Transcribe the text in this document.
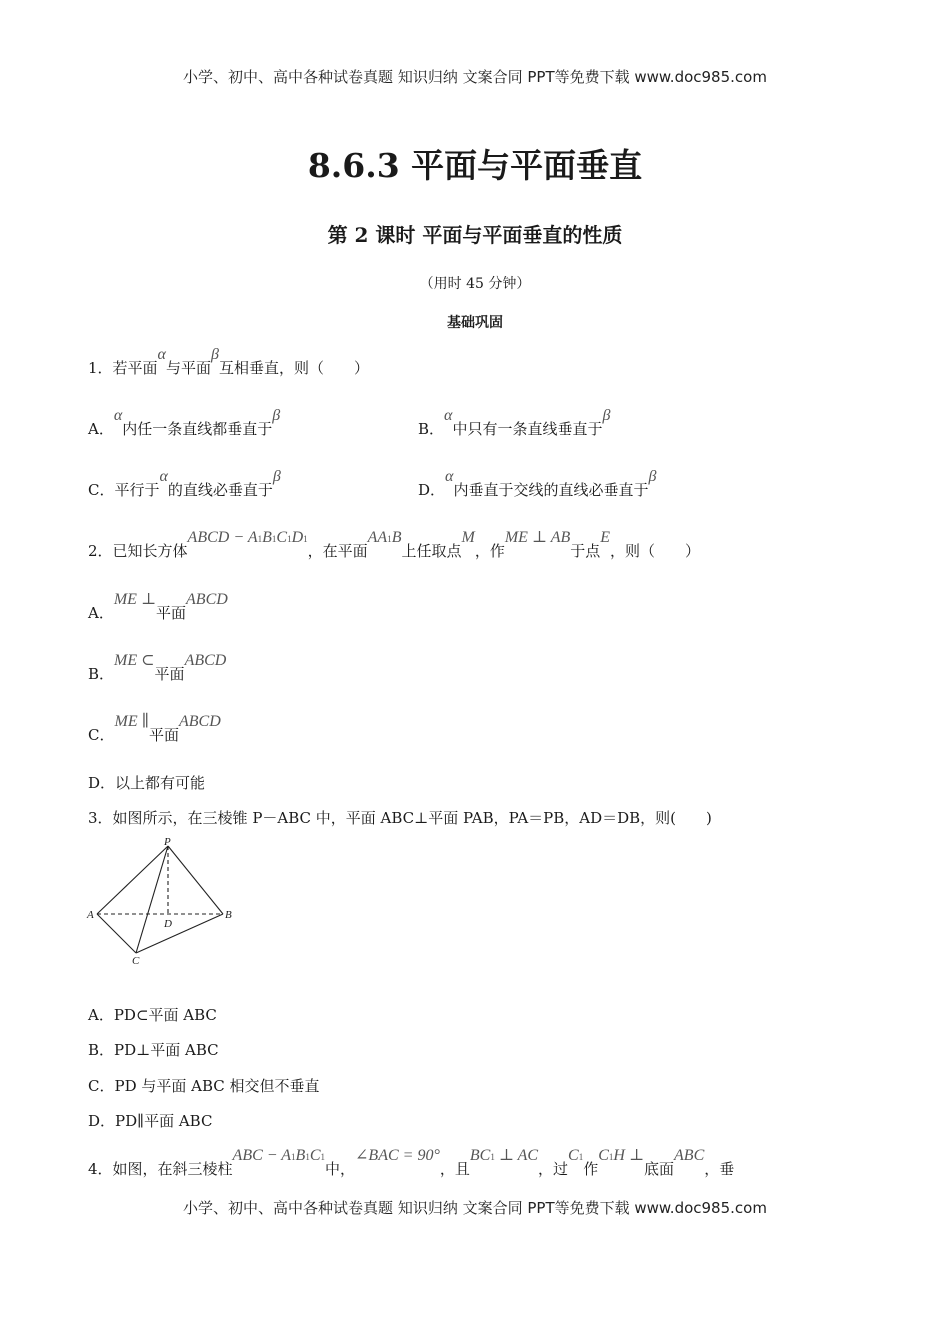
小学、初中、高中各种试卷真题 知识归纳 文案合同 PPT等免费下载 www.doc985.com
8.6.3 平面与平面垂直
第 2 课时 平面与平面垂直的性质
（用时 45 分钟）
基础巩固
1．若平面α与平面β互相垂直，则（　　）
A．α内任一条直线都垂直于β
B．α中只有一条直线垂直于β
C．平行于α的直线必垂直于β
D．α内垂直于交线的直线必垂直于β
2．已知长方体ABCD − A1B1C1D1，在平面AA1B上任取点M，作ME ⊥ AB于点E，则（　　）
A．ME ⊥平面ABCD
B．ME ⊂平面ABCD
C．ME ∥平面ABCD
D．以上都有可能
3．如图所示，在三棱锥 P－ABC 中，平面 ABC⊥平面 PAB，PA＝PB，AD＝DB，则(　　)
P
A	B
C
D
A．PD⊂平面 ABC
B．PD⊥平面 ABC
C．PD 与平面 ABC 相交但不垂直
D．PD∥平面 ABC
4．如图，在斜三棱柱ABC − A1B1C1中，∠BAC = 90°，且BC1 ⊥ AC，过C1作C1H ⊥底面ABC，垂
小学、初中、高中各种试卷真题 知识归纳 文案合同 PPT等免费下载 www.doc985.com
